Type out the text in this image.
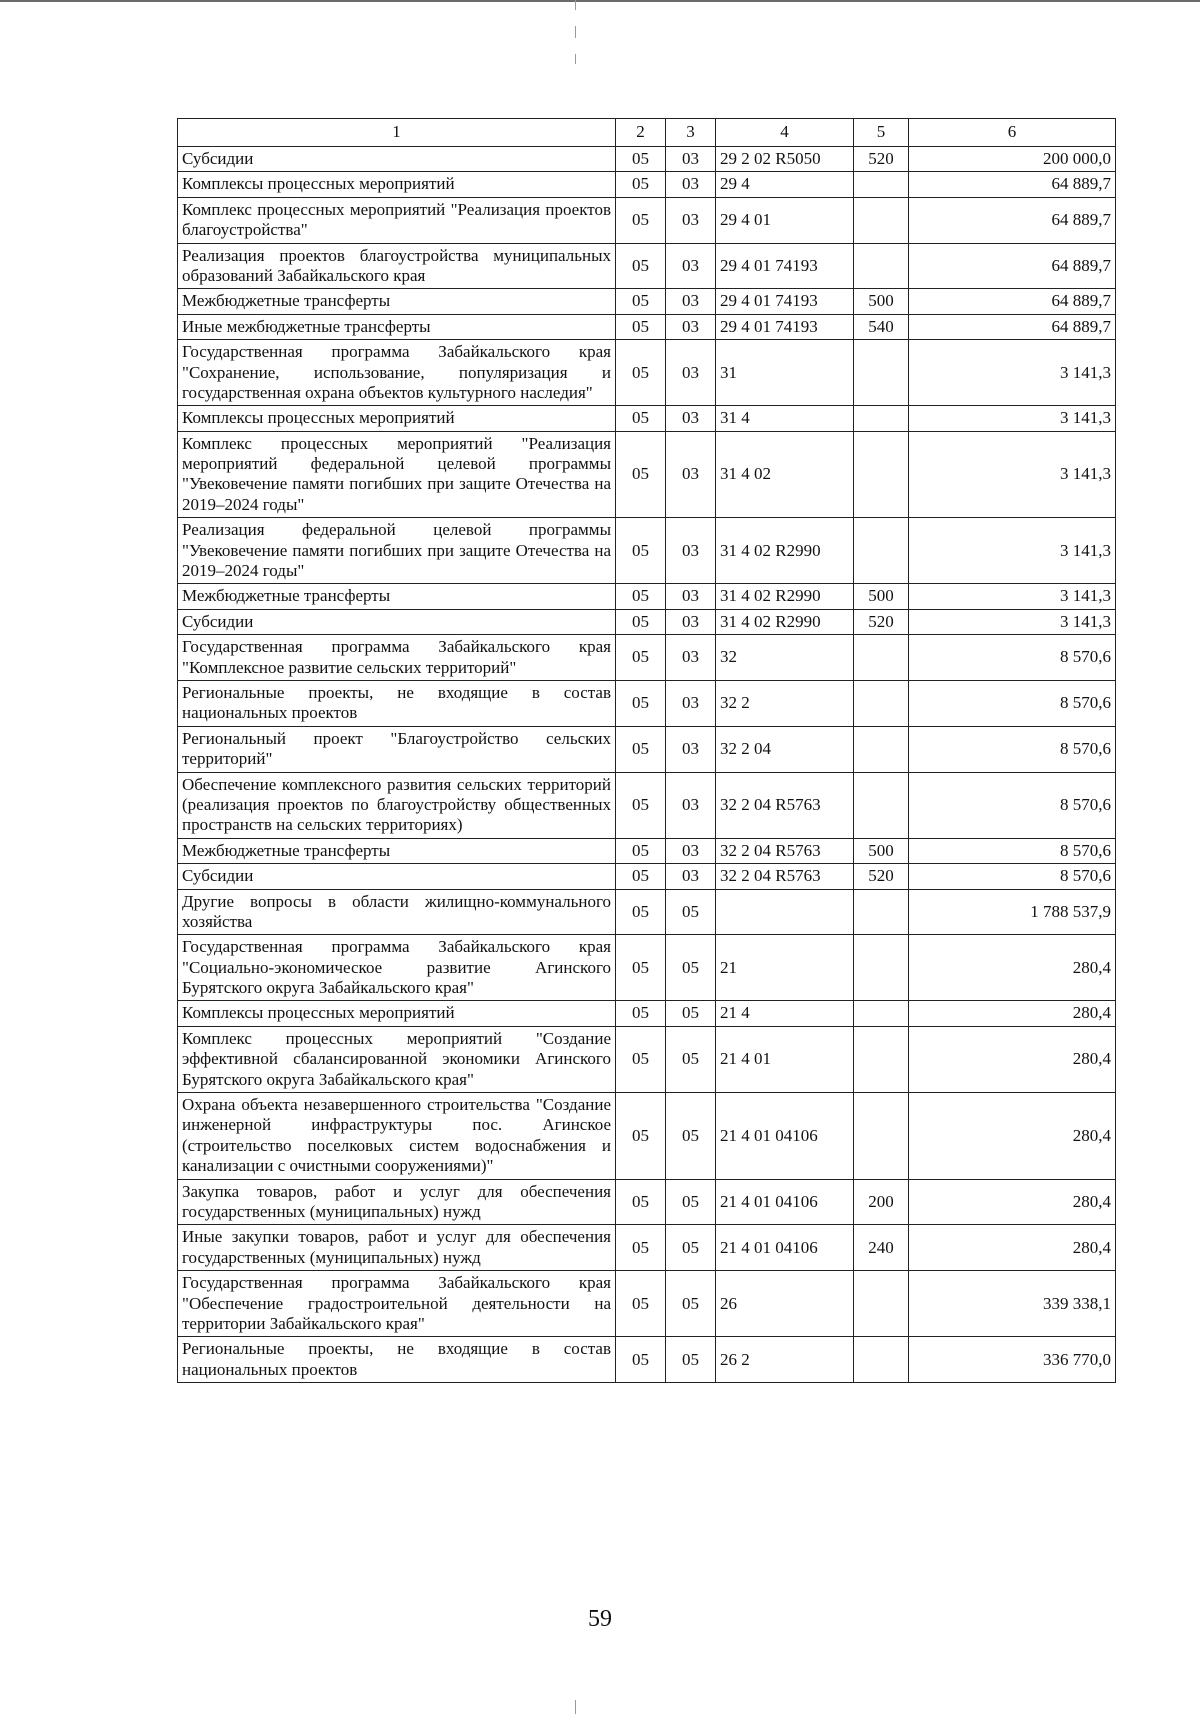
1	2	3	4	5	6
Субсидии	05	03	29 2 02 R5050	520	200 000,0
Комплексы процессных мероприятий	05	03	29 4		64 889,7
Комплекс процессных мероприятий "Реализация проектов благоустройства"	05	03	29 4 01		64 889,7
Реализация проектов благоустройства муниципальных образований Забайкальского края	05	03	29 4 01 74193		64 889,7
Межбюджетные трансферты	05	03	29 4 01 74193	500	64 889,7
Иные межбюджетные трансферты	05	03	29 4 01 74193	540	64 889,7
Государственная программа Забайкальского края "Сохранение, использование, популяризация и государственная охрана объектов культурного наследия"	05	03	31		3 141,3
Комплексы процессных мероприятий	05	03	31 4		3 141,3
Комплекс процессных мероприятий "Реализация мероприятий федеральной целевой программы "Увековечение памяти погибших при защите Отечества на 2019–2024 годы"	05	03	31 4 02		3 141,3
Реализация федеральной целевой программы "Увековечение памяти погибших при защите Отечества на 2019–2024 годы"	05	03	31 4 02 R2990		3 141,3
Межбюджетные трансферты	05	03	31 4 02 R2990	500	3 141,3
Субсидии	05	03	31 4 02 R2990	520	3 141,3
Государственная программа Забайкальского края "Комплексное развитие сельских территорий"	05	03	32		8 570,6
Региональные проекты, не входящие в состав национальных проектов	05	03	32 2		8 570,6
Региональный проект "Благоустройство сельских территорий"	05	03	32 2 04		8 570,6
Обеспечение комплексного развития сельских территорий (реализация проектов по благоустройству общественных пространств на сельских территориях)	05	03	32 2 04 R5763		8 570,6
Межбюджетные трансферты	05	03	32 2 04 R5763	500	8 570,6
Субсидии	05	03	32 2 04 R5763	520	8 570,6
Другие вопросы в области жилищно-коммунального хозяйства	05	05			1 788 537,9
Государственная программа Забайкальского края "Социально-экономическое развитие Агинского Бурятского округа Забайкальского края"	05	05	21		280,4
Комплексы процессных мероприятий	05	05	21 4		280,4
Комплекс процессных мероприятий "Создание эффективной сбалансированной экономики Агинского Бурятского округа Забайкальского края"	05	05	21 4 01		280,4
Охрана объекта незавершенного строительства "Создание инженерной инфраструктуры пос. Агинское (строительство поселковых систем водоснабжения и канализации с очистными сооружениями)"	05	05	21 4 01 04106		280,4
Закупка товаров, работ и услуг для обеспечения государственных (муниципальных) нужд	05	05	21 4 01 04106	200	280,4
Иные закупки товаров, работ и услуг для обеспечения государственных (муниципальных) нужд	05	05	21 4 01 04106	240	280,4
Государственная программа Забайкальского края "Обеспечение градостроительной деятельности на территории Забайкальского края"	05	05	26		339 338,1
Региональные проекты, не входящие в состав национальных проектов	05	05	26 2		336 770,0
59
